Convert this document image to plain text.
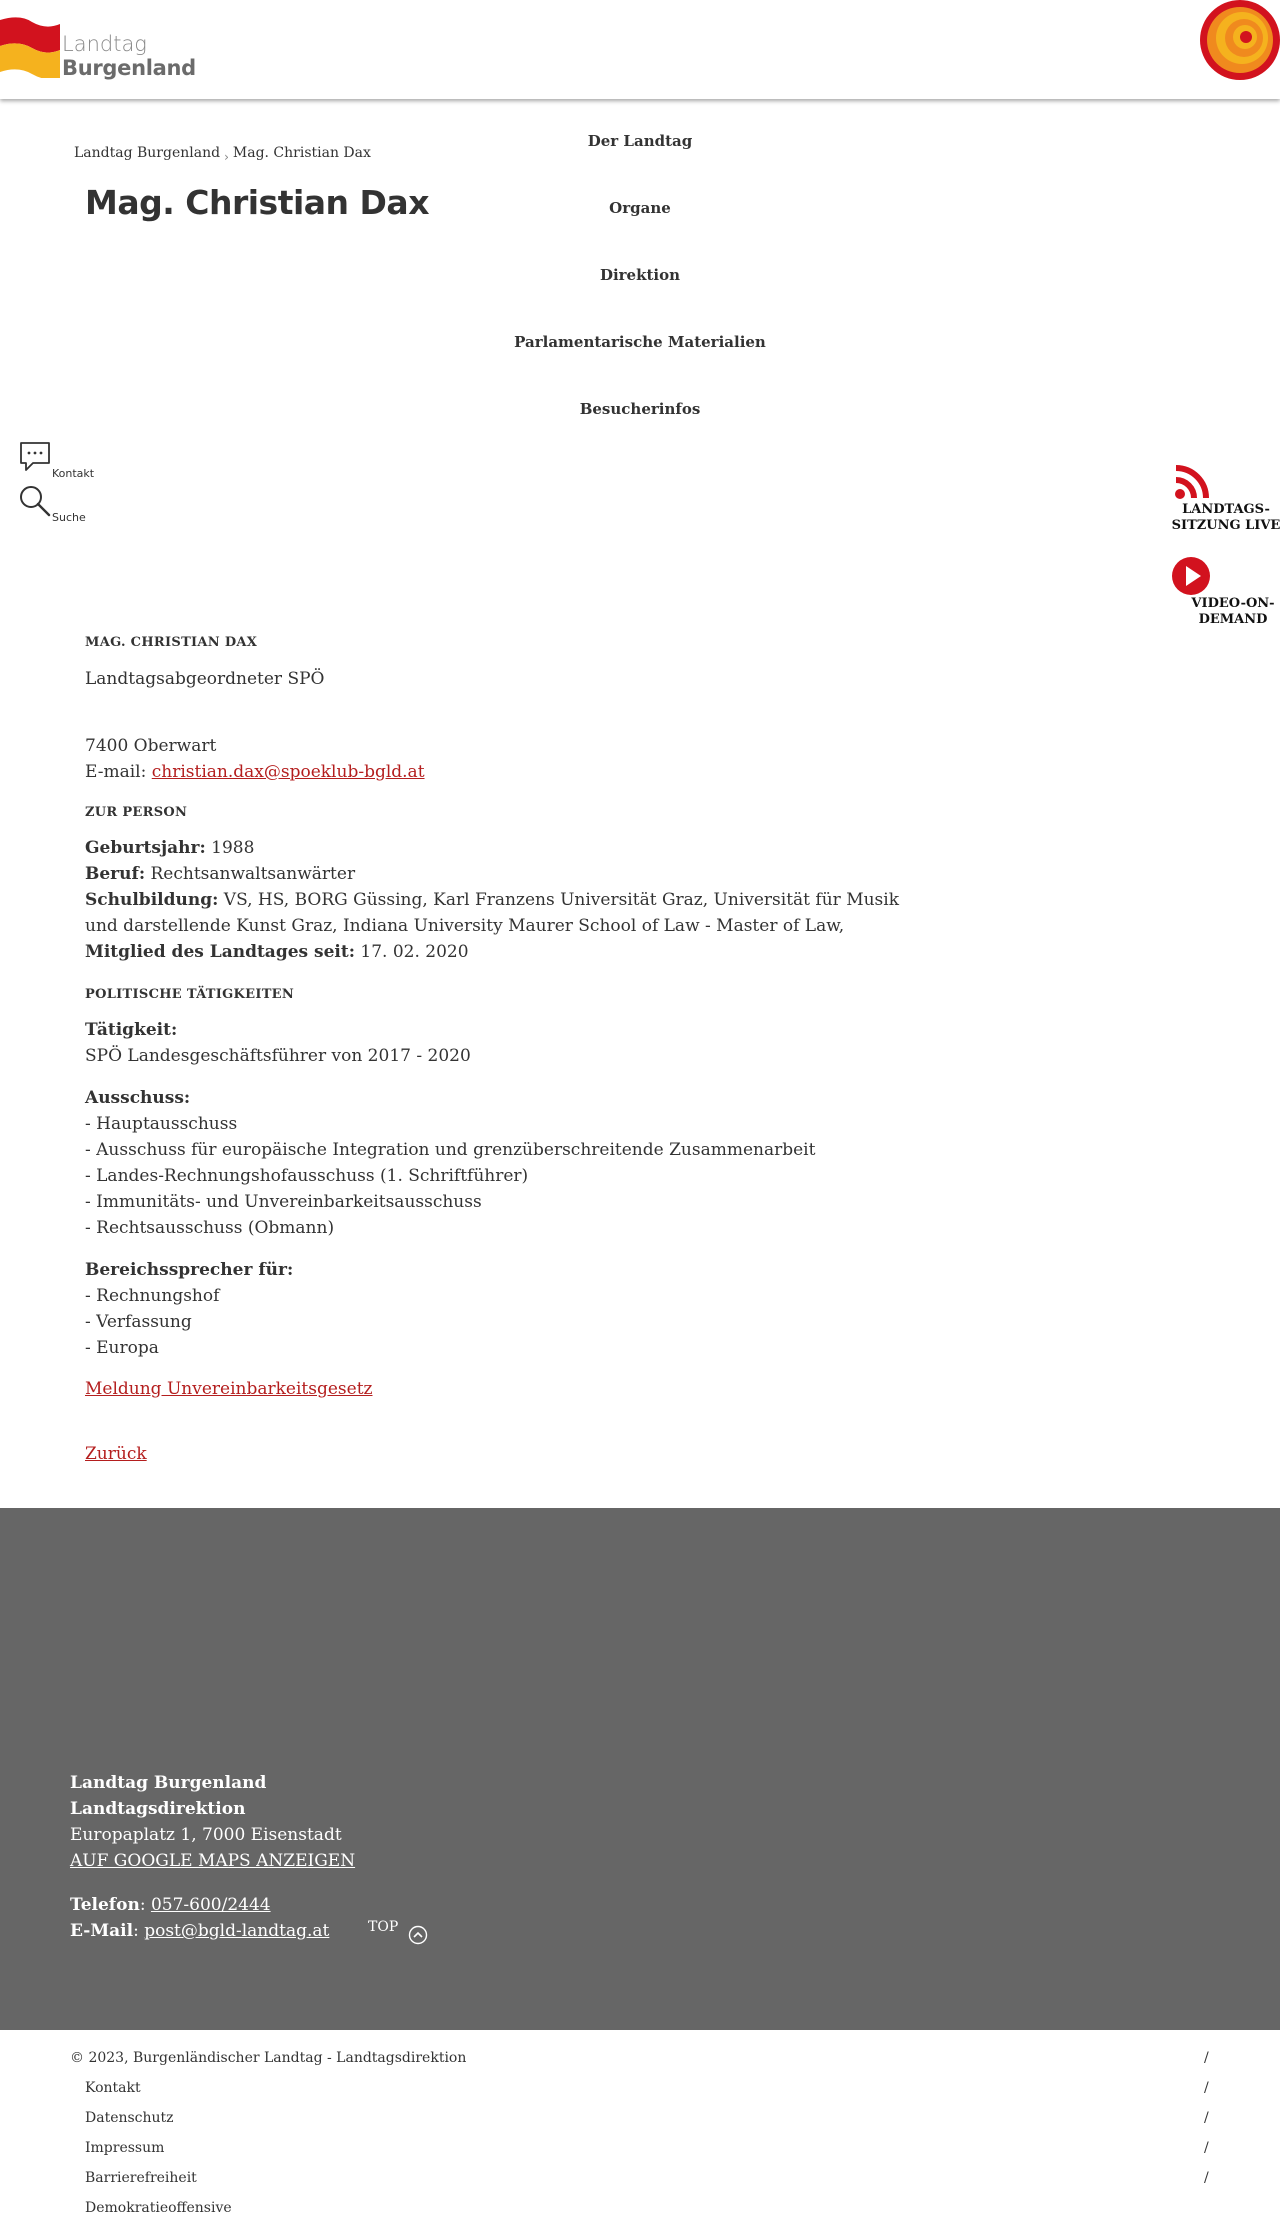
Landtag
Burgenland
Landtag Burgenland › Mag. Christian Dax
Mag. Christian Dax
Der Landtag
Organe
Direktion
Parlamentarische Materialien
Besucherinfos
Kontakt
Suche
LANDTAGS-
SITZUNG LIVE
VIDEO-ON-
DEMAND
MAG. CHRISTIAN DAX
Landtagsabgeordneter SPÖ
7400 Oberwart
E-mail: christian.dax@spoeklub-bgld.at
ZUR PERSON
Geburtsjahr: 1988
Beruf: Rechtsanwaltsanwärter
Schulbildung: VS, HS, BORG Güssing, Karl Franzens Universität Graz, Universität für Musik
und darstellende Kunst Graz, Indiana University Maurer School of Law - Master of Law,
Mitglied des Landtages seit: 17. 02. 2020
POLITISCHE TÄTIGKEITEN
Tätigkeit:
SPÖ Landesgeschäftsführer von 2017 - 2020
Ausschuss:
- Hauptausschuss
- Ausschuss für europäische Integration und grenzüberschreitende Zusammenarbeit
- Landes-Rechnungshofausschuss (1. Schriftführer)
- Immunitäts- und Unvereinbarkeitsausschuss
- Rechtsausschuss (Obmann)
Bereichssprecher für:
- Rechnungshof
- Verfassung
- Europa
Meldung Unvereinbarkeitsgesetz
Zurück
Landtag Burgenland
Landtagsdirektion
Europaplatz 1, 7000 Eisenstadt
AUF GOOGLE MAPS ANZEIGEN
Telefon: 057-600/2444
E-Mail: post@bgld-landtag.at	TOP
© 2023, Burgenländischer Landtag - Landtagsdirektion	/
Kontakt	/
Datenschutz	/
Impressum	/
Barrierefreiheit	/
Demokratieoffensive
